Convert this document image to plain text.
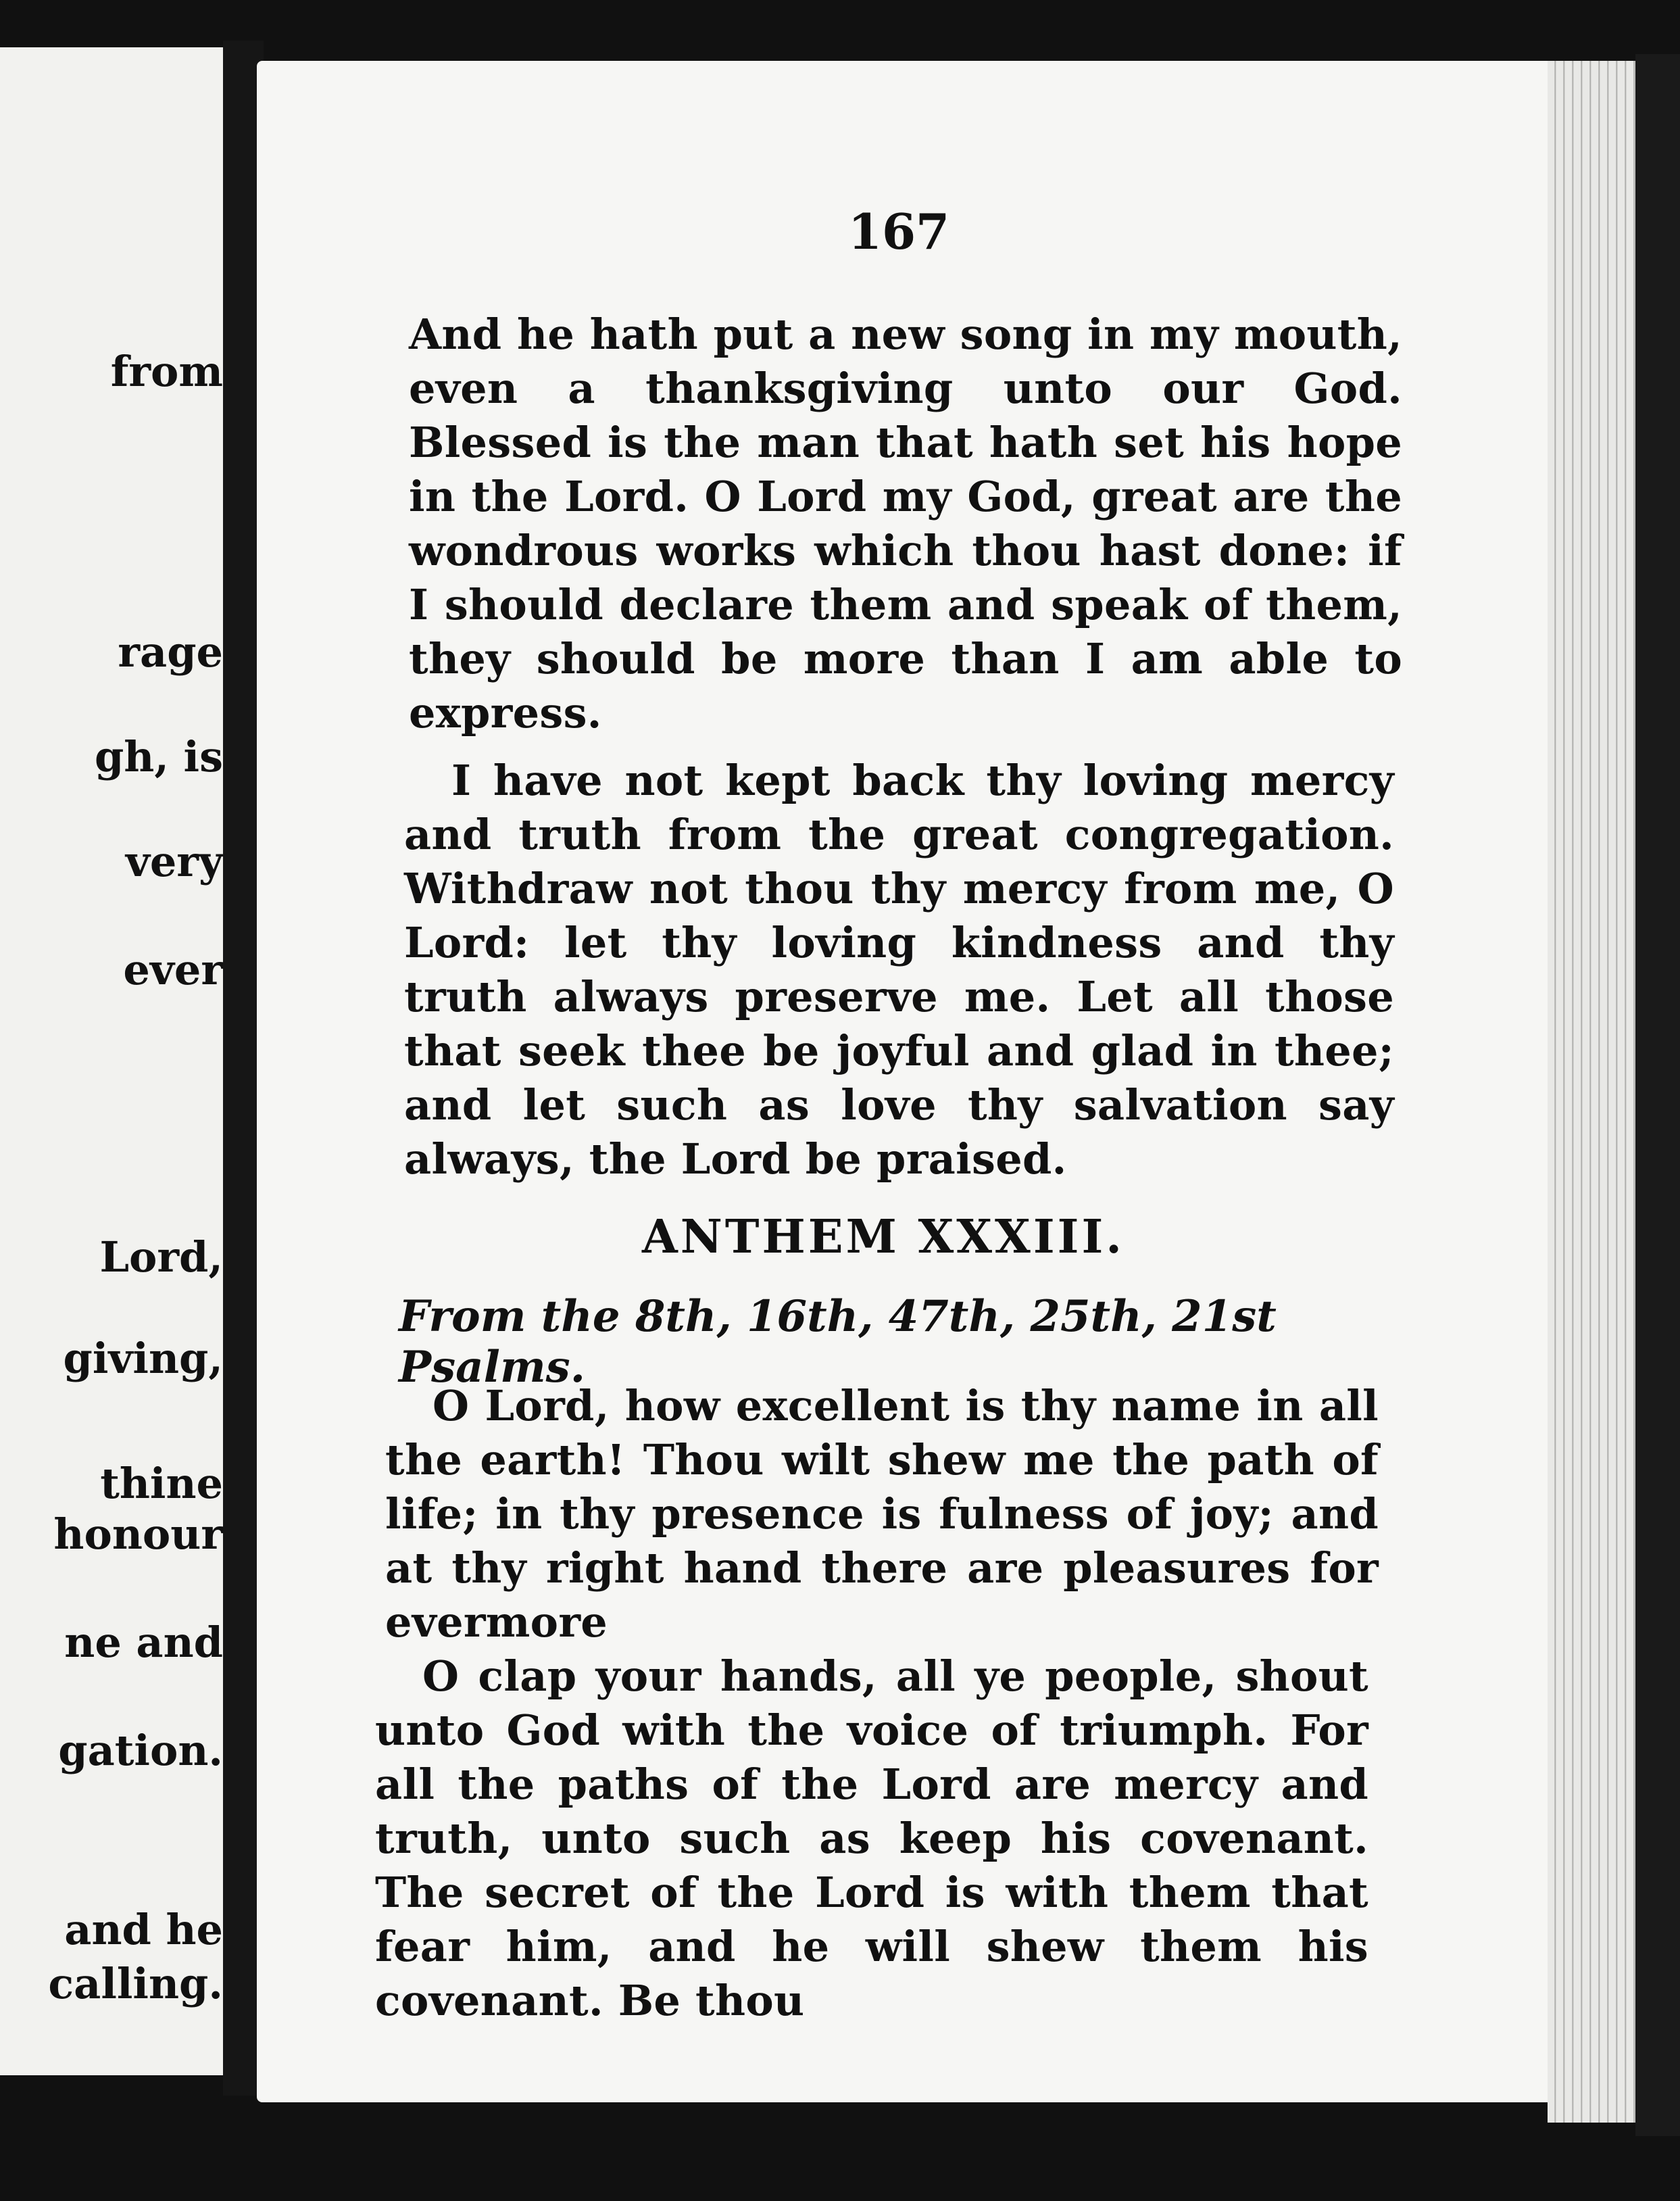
from
rage
gh, is
very
ever
Lord,
giving,
thine
honour
ne and
gation.
and he
calling.
167

And he hath put a new song in my mouth, even a thanksgiving unto our God. Blessed is the man that hath set his hope in the Lord. O Lord my God, great are the wondrous works which thou hast done: if I should declare them and speak of them, they should be more than I am able to express.

I have not kept back thy loving mercy and truth from the great congregation. Withdraw not thou thy mercy from me, O Lord: let thy loving kindness and thy truth always preserve me. Let all those that seek thee be joyful and glad in thee; and let such as love thy salvation say always, the Lord be praised.

ANTHEM XXXIII.
From the 8th, 16th, 47th, 25th, 21st Psalms.

O Lord, how excellent is thy name in all the earth! Thou wilt shew me the path of life; in thy presence is fulness of joy; and at thy right hand there are pleasures for evermore

O clap your hands, all ye people, shout unto God with the voice of triumph. For all the paths of the Lord are mercy and truth, unto such as keep his covenant. The secret of the Lord is with them that fear him, and he will shew them his covenant. Be thou
